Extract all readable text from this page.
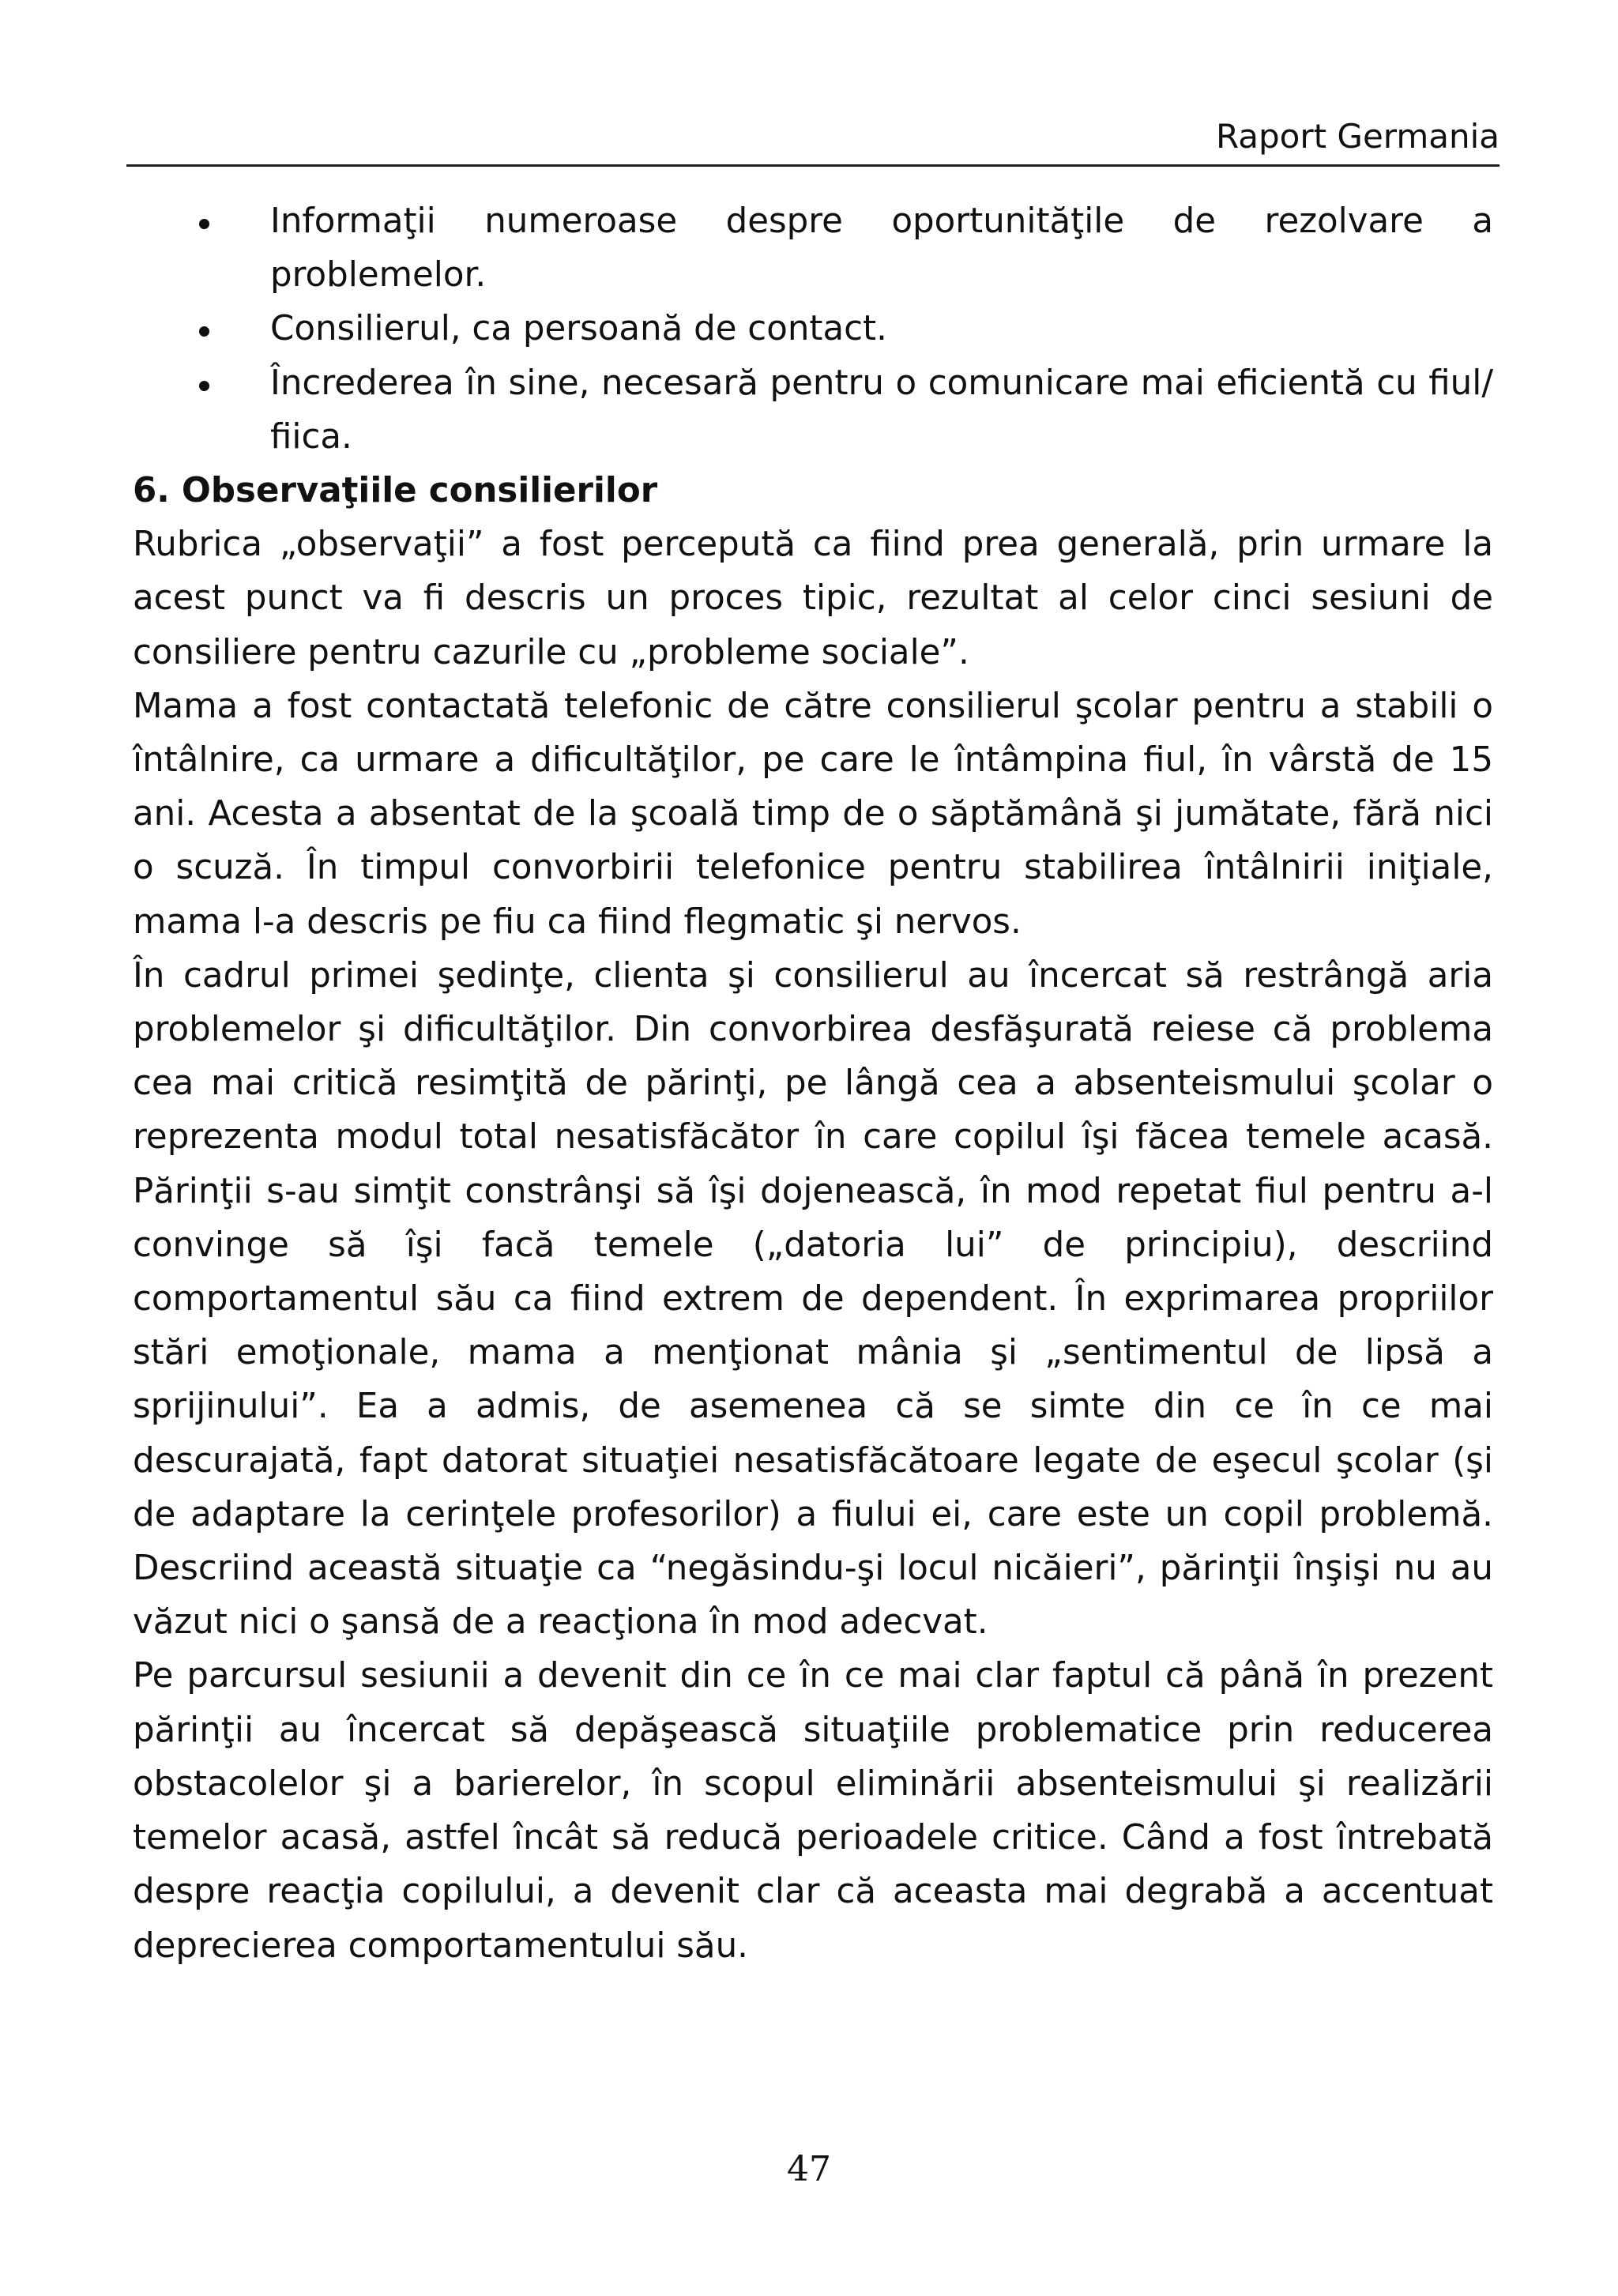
Raport Germania
Informaţii numeroase despre oportunităţile de rezolvare a problemelor.
Consilierul, ca persoană de contact.
Încrederea în sine, necesară pentru o comunicare mai eficientă cu fiul/ fiica.
6. Observaţiile consilierilor

Rubrica „observaţii” a fost percepută ca fiind prea generală, prin urmare la acest punct va fi descris un proces tipic, rezultat al celor cinci sesiuni de consiliere pentru cazurile cu „probleme sociale”.

Mama a fost contactată telefonic de către consilierul şcolar pentru a stabili o întâlnire, ca urmare a dificultăţilor, pe care le întâmpina fiul, în vârstă de 15 ani. Acesta a absentat de la şcoală timp de o săptămână şi jumătate, fără nici o scuză. În timpul convorbirii telefonice pentru stabilirea întâlnirii iniţiale, mama l-a descris pe fiu ca fiind flegmatic şi nervos.

În cadrul primei şedinţe, clienta şi consilierul au încercat să restrângă aria problemelor şi dificultăţilor. Din convorbirea desfăşurată reiese că problema cea mai critică resimţită de părinţi, pe lângă cea a absenteismului şcolar o reprezenta modul total nesatisfăcător în care copilul îşi făcea temele acasă. Părinţii s-au simţit constrânşi să îşi dojenească, în mod repetat fiul pentru a-l convinge să îşi facă temele („datoria lui” de principiu), descriind comportamentul său ca fiind extrem de dependent. În exprimarea propriilor stări emoţionale, mama a menţionat mânia şi „sentimentul de lipsă a sprijinului”. Ea a admis, de asemenea că se simte din ce în ce mai descurajată, fapt datorat situaţiei nesatisfăcătoare legate de eşecul şcolar (şi de adaptare la cerinţele profesorilor) a fiului ei, care este un copil problemă. Descriind această situaţie ca “negăsindu-şi locul nicăieri”, părinţii înşişi nu au văzut nici o şansă de a reacţiona în mod adecvat.

Pe parcursul sesiunii a devenit din ce în ce mai clar faptul că până în prezent părinţii au încercat să depăşească situaţiile problematice prin reducerea obstacolelor şi a barierelor, în scopul eliminării absenteismului şi realizării temelor acasă, astfel încât să reducă perioadele critice. Când a fost întrebată despre reacţia copilului, a devenit clar că aceasta mai degrabă a accentuat deprecierea comportamentului său.

47
